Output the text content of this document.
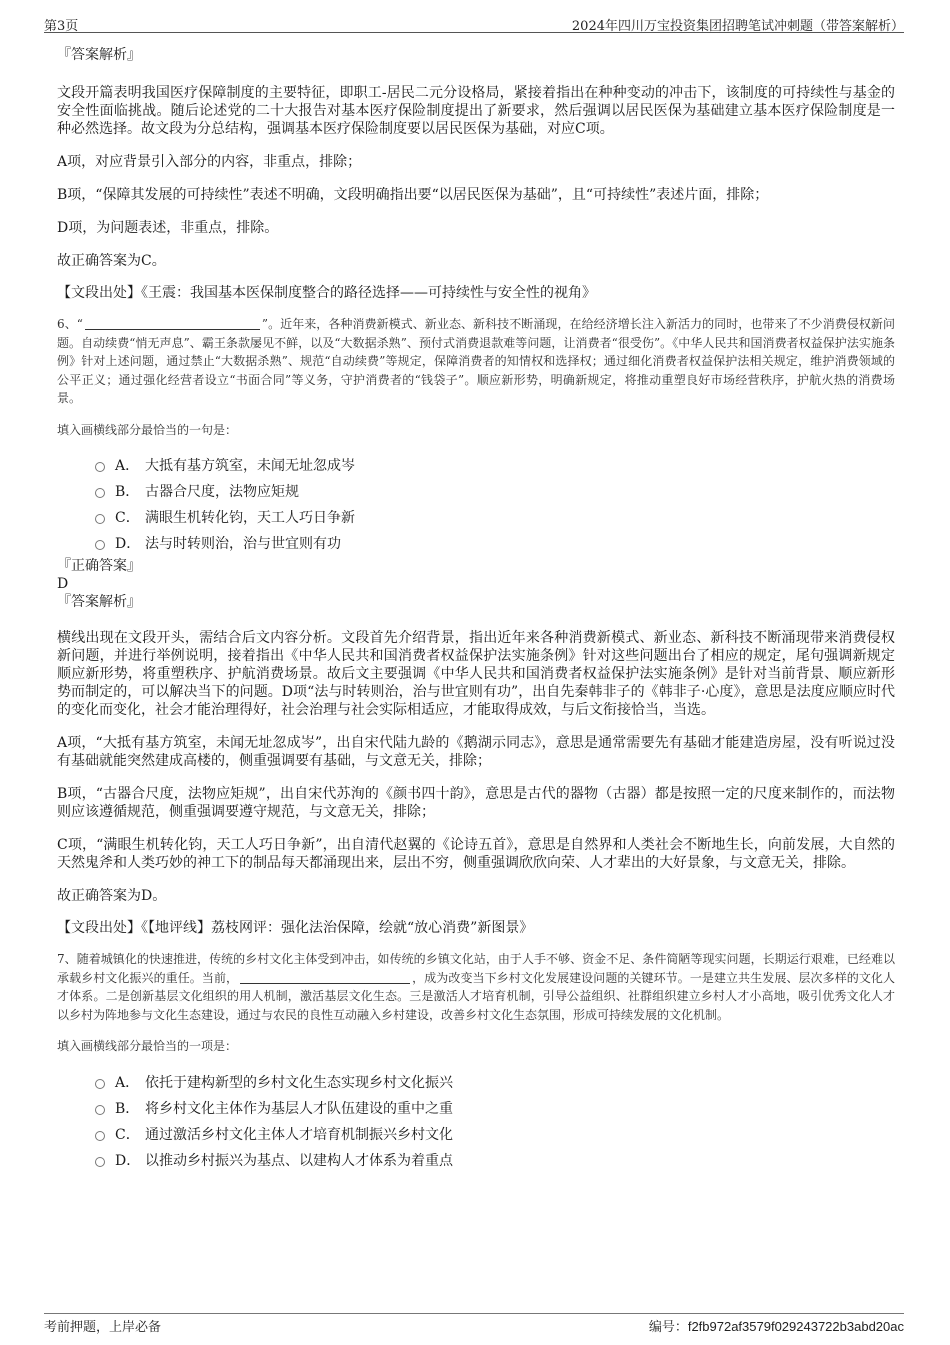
第3页	2024年四川万宝投资集团招聘笔试冲刺题（带答案解析）

『答案解析』

文段开篇表明我国医疗保障制度的主要特征，即职工-居民二元分设格局，紧接着指出在种种变动的冲击下，该制度的可持续性与基金的安全性面临挑战。随后论述党的二十大报告对基本医疗保险制度提出了新要求，然后强调以居民医保为基础建立基本医疗保险制度是一种必然选择。故文段为分总结构，强调基本医疗保险制度要以居民医保为基础，对应C项。

A项，对应背景引入部分的内容，非重点，排除；

B项，“保障其发展的可持续性”表述不明确，文段明确指出要“以居民医保为基础”，且“可持续性”表述片面，排除；

D项，为问题表述，非重点，排除。

故正确答案为C。

【文段出处】《王震：我国基本医保制度整合的路径选择——可持续性与安全性的视角》

6、“	”。近年来，各种消费新模式、新业态、新科技不断涌现，在给经济增长注入新活力的同时，也带来了不少消费侵权新问题。自动续费“悄无声息”、霸王条款屡见不鲜，以及“大数据杀熟”、预付式消费退款难等问题，让消费者“很受伤”。《中华人民共和国消费者权益保护法实施条例》针对上述问题，通过禁止“大数据杀熟”、规范“自动续费”等规定，保障消费者的知情权和选择权；通过细化消费者权益保护法相关规定，维护消费领域的公平正义；通过强化经营者设立“书面合同”等义务，守护消费者的“钱袋子”。顺应新形势，明确新规定，将推动重塑良好市场经营秩序，护航火热的消费场景。

填入画横线部分最恰当的一句是：

A． 大抵有基方筑室，未闻无址忽成岑
B． 古器合尺度，法物应矩规
C． 满眼生机转化钧，天工人巧日争新
D． 法与时转则治，治与世宜则有功

『正确答案』

D

『答案解析』

横线出现在文段开头，需结合后文内容分析。文段首先介绍背景，指出近年来各种消费新模式、新业态、新科技不断涌现带来消费侵权新问题，并进行举例说明，接着指出《中华人民共和国消费者权益保护法实施条例》针对这些问题出台了相应的规定，尾句强调新规定顺应新形势，将重塑秩序、护航消费场景。故后文主要强调《中华人民共和国消费者权益保护法实施条例》是针对当前背景、顺应新形势而制定的，可以解决当下的问题。D项“法与时转则治，治与世宜则有功”，出自先秦韩非子的《韩非子·心度》，意思是法度应顺应时代的变化而变化，社会才能治理得好，社会治理与社会实际相适应，才能取得成效，与后文衔接恰当，当选。

A项，“大抵有基方筑室，未闻无址忽成岑”，出自宋代陆九龄的《鹅湖示同志》，意思是通常需要先有基础才能建造房屋，没有听说过没有基础就能突然建成高楼的，侧重强调要有基础，与文意无关，排除；

B项，“古器合尺度，法物应矩规”，出自宋代苏洵的《颜书四十韵》，意思是古代的器物（古器）都是按照一定的尺度来制作的，而法物则应该遵循规范，侧重强调要遵守规范，与文意无关，排除；

C项，“满眼生机转化钧，天工人巧日争新”，出自清代赵翼的《论诗五首》，意思是自然界和人类社会不断地生长，向前发展，大自然的天然鬼斧和人类巧妙的神工下的制品每天都涌现出来，层出不穷，侧重强调欣欣向荣、人才辈出的大好景象，与文意无关，排除。

故正确答案为D。

【文段出处】《【地评线】荔枝网评：强化法治保障，绘就“放心消费”新图景》

7、随着城镇化的快速推进，传统的乡村文化主体受到冲击，如传统的乡镇文化站，由于人手不够、资金不足、条件简陋等现实问题，长期运行艰难，已经难以承载乡村文化振兴的重任。当前，	，成为改变当下乡村文化发展建设问题的关键环节。一是建立共生发展、层次多样的文化人才体系。二是创新基层文化组织的用人机制，激活基层文化生态。三是激活人才培育机制，引导公益组织、社群组织建立乡村人才小高地，吸引优秀文化人才以乡村为阵地参与文化生态建设，通过与农民的良性互动融入乡村建设，改善乡村文化生态氛围，形成可持续发展的文化机制。

填入画横线部分最恰当的一项是：

A． 依托于建构新型的乡村文化生态实现乡村文化振兴
B． 将乡村文化主体作为基层人才队伍建设的重中之重
C． 通过激活乡村文化主体人才培育机制振兴乡村文化
D． 以推动乡村振兴为基点、以建构人才体系为着重点
考前押题，上岸必备	编号：f2fb972af3579f029243722b3abd20ac
